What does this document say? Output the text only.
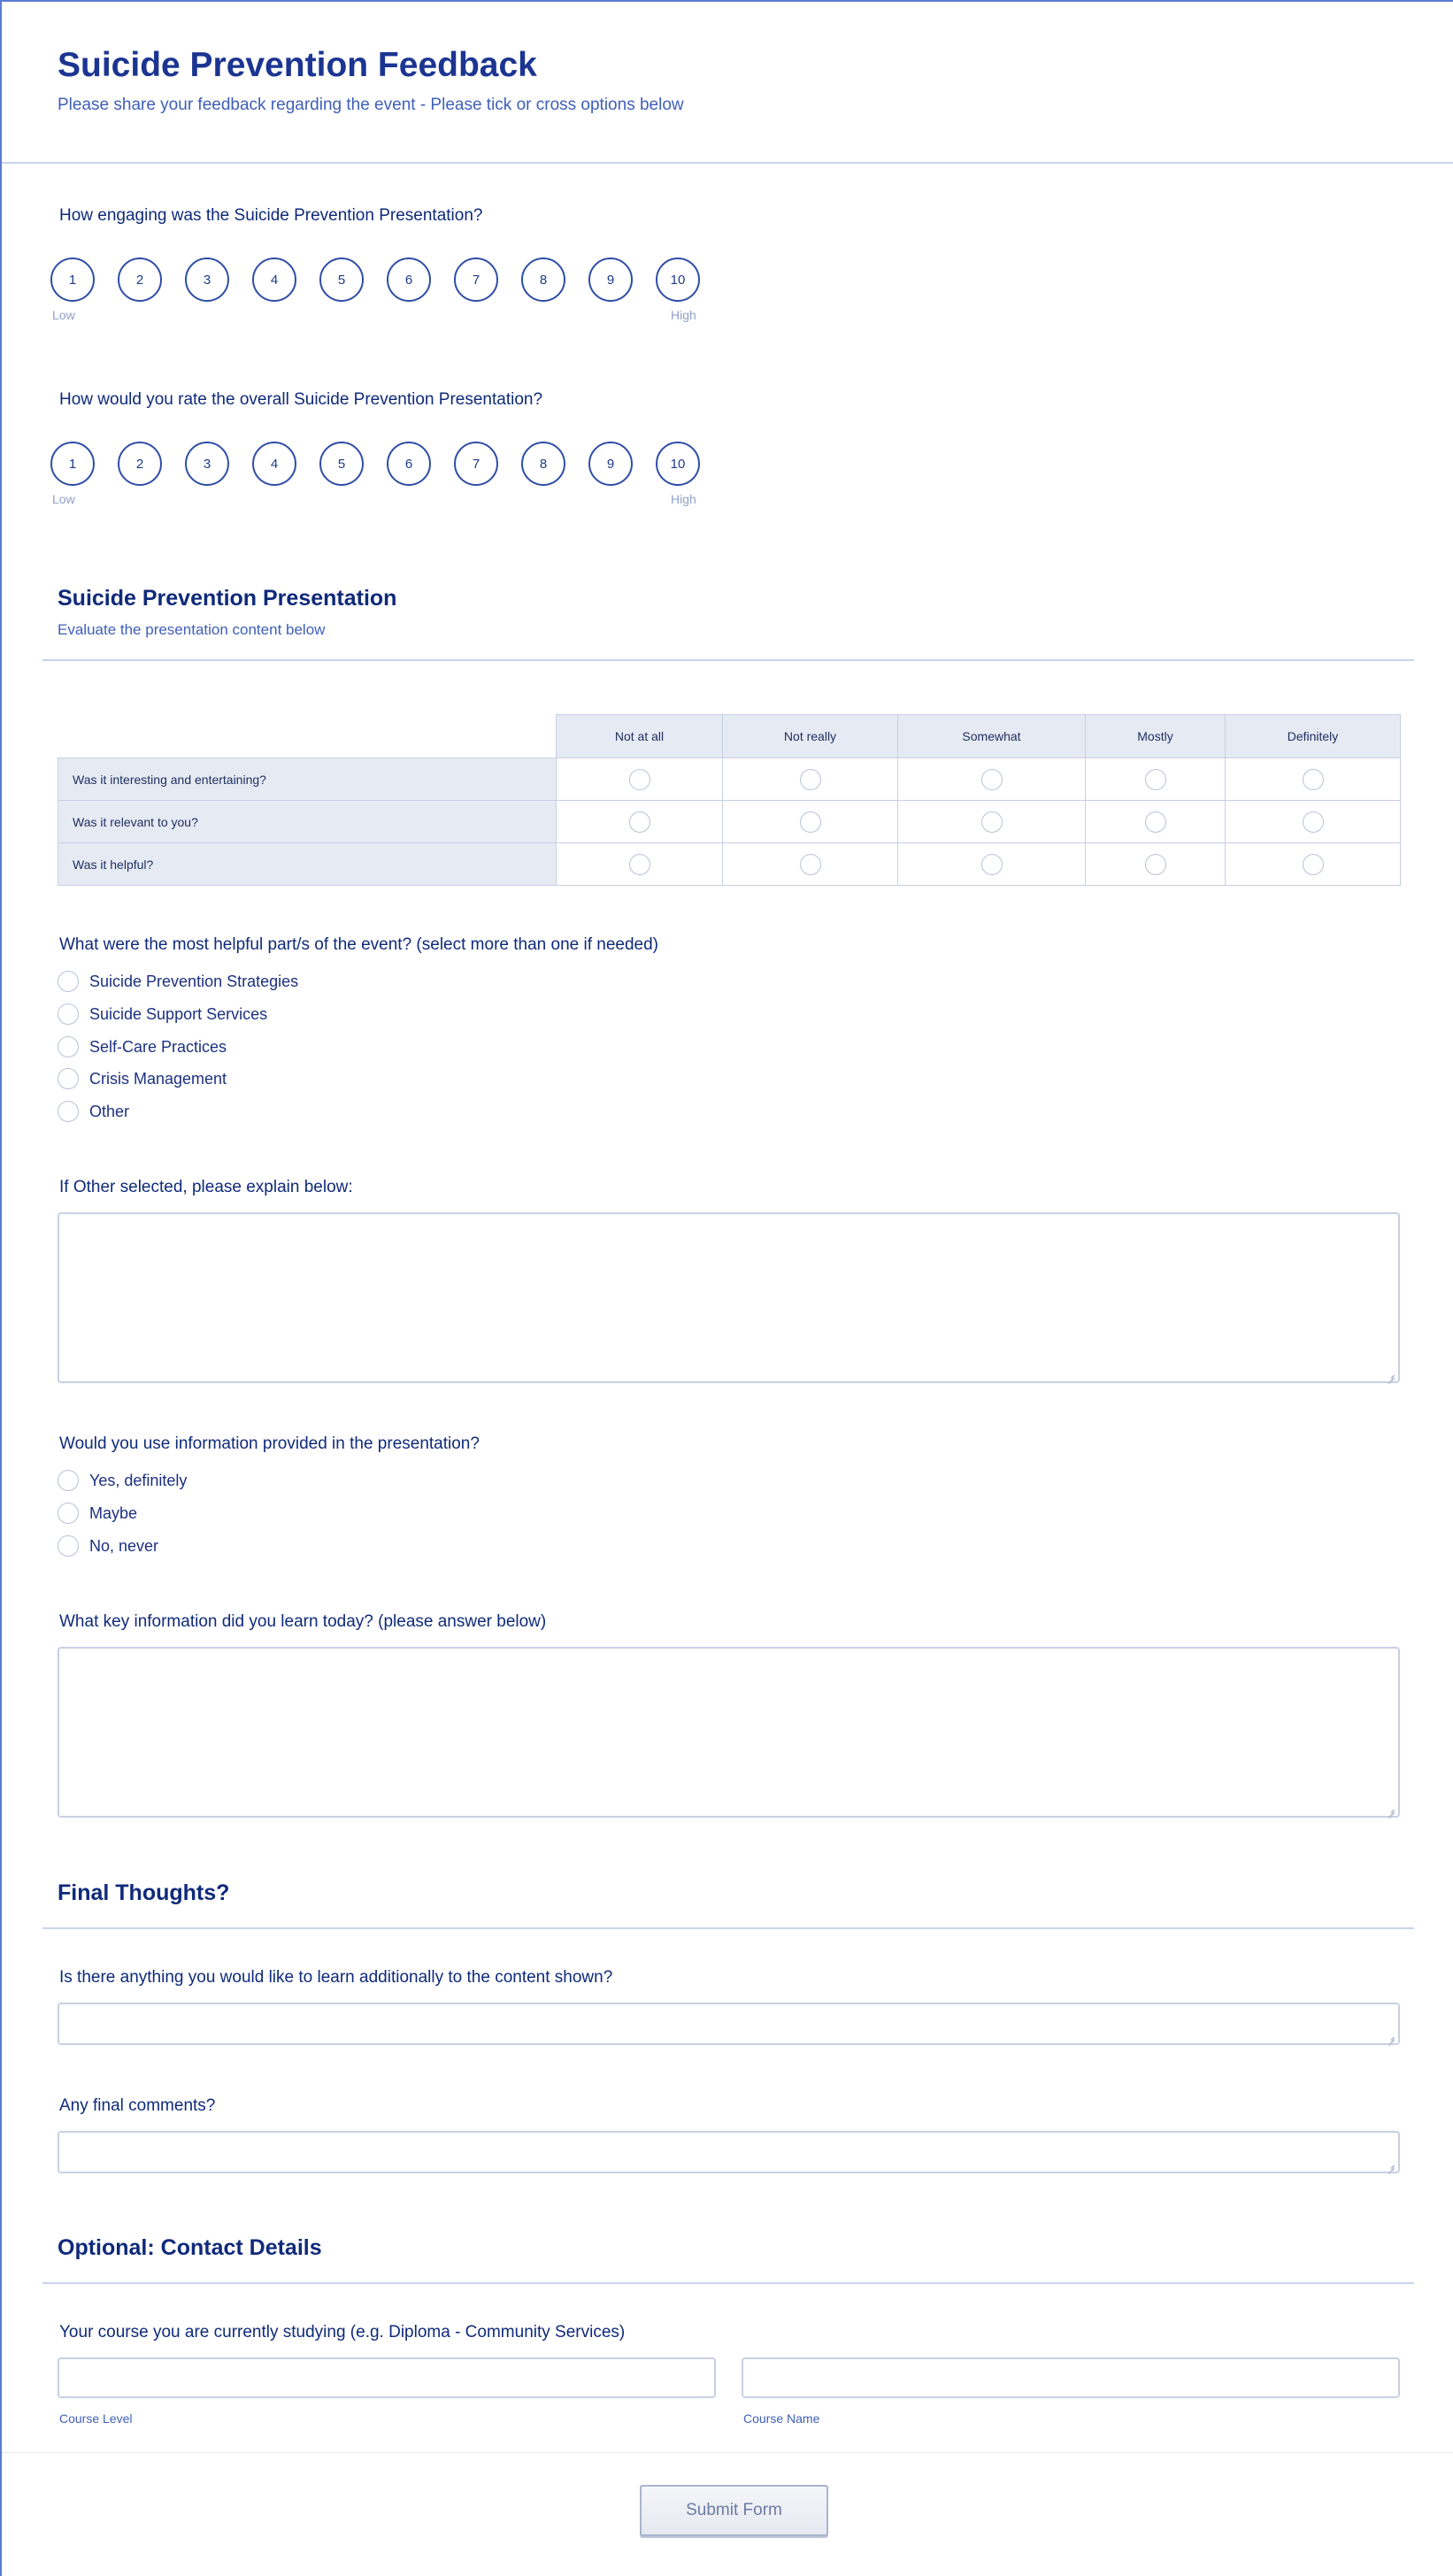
Suicide Prevention Feedback
Please share your feedback regarding the event - Please tick or cross options below
How engaging was the Suicide Prevention Presentation?
1	2	3	4	5	6	7	8	9	10
Low	High
How would you rate the overall Suicide Prevention Presentation?
1	2	3	4	5	6	7	8	9	10
Low	High
Suicide Prevention Presentation
Evaluate the presentation content below
	Not at all	Not really	Somewhat	Mostly	Definitely
Was it interesting and entertaining?					
Was it relevant to you?					
Was it helpful?					
What were the most helpful part/s of the event? (select more than one if needed)
Suicide Prevention Strategies
Suicide Support Services
Self-Care Practices
Crisis Management
Other
If Other selected, please explain below:
Would you use information provided in the presentation?
Yes, definitely
Maybe
No, never
What key information did you learn today? (please answer below)
Final Thoughts?
Is there anything you would like to learn additionally to the content shown?
Any final comments?
Optional: Contact Details
Your course you are currently studying (e.g. Diploma - Community Services)
Course Level	Course Name
Submit Form
